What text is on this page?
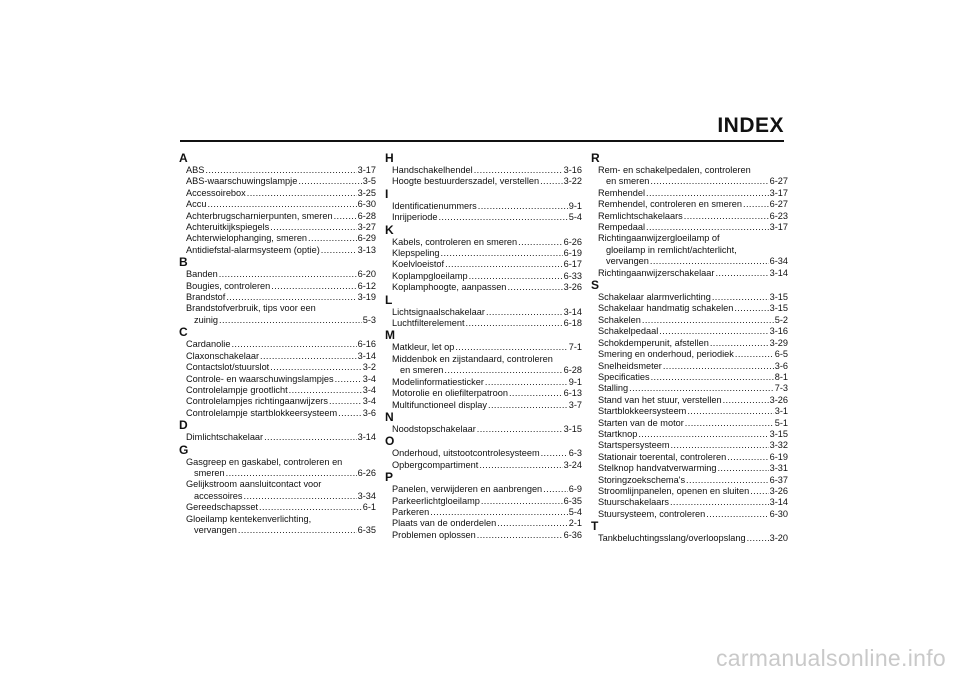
INDEX
A
ABS .....	3-17
ABS-waarschuwingslampje .....	3-5
Accessoirebox .....	3-25
Accu .....	6-30
Achterbrugscharnierpunten, smeren .....	6-28
Achteruitkijkspiegels .....	3-27
Achterwielophanging, smeren .....	6-29
Antidiefstal-alarmsysteem (optie) .....	3-13
B
Banden .....	6-20
Bougies, controleren .....	6-12
Brandstof .....	3-19
Brandstofverbruik, tips voor een
zuinig .....	5-3
C
Cardanolie .....	6-16
Claxonschakelaar .....	3-14
Contactslot/stuurslot .....	3-2
Controle- en waarschuwingslampjes .....	3-4
Controlelampje grootlicht .....	3-4
Controlelampjes richtingaanwijzers .....	3-4
Controlelampje startblokkeersysteem .....	3-6
D
Dimlichtschakelaar .....	3-14
G
Gasgreep en gaskabel, controleren en
smeren .....	6-26
Gelijkstroom aansluitcontact voor
accessoires .....	3-34
Gereedschapsset .....	6-1
Gloeilamp kentekenverlichting,
vervangen .....	6-35
H
Handschakelhendel .....	3-16
Hoogte bestuurderszadel, verstellen .....	3-22
I
Identificatienummers .....	9-1
Inrijperiode .....	5-4
K
Kabels, controleren en smeren .....	6-26
Klepspeling .....	6-19
Koelvloeistof .....	6-17
Koplampgloeilamp .....	6-33
Koplamphoogte, aanpassen .....	3-26
L
Lichtsignaalschakelaar .....	3-14
Luchtfilterelement .....	6-18
M
Matkleur, let op .....	7-1
Middenbok en zijstandaard, controleren
en smeren .....	6-28
Modelinformatiesticker .....	9-1
Motorolie en oliefilterpatroon .....	6-13
Multifunctioneel display .....	3-7
N
Noodstopschakelaar .....	3-15
O
Onderhoud, uitstootcontrolesysteem .....	6-3
Opbergcompartiment .....	3-24
P
Panelen, verwijderen en aanbrengen .....	6-9
Parkeerlichtgloeilamp .....	6-35
Parkeren .....	5-4
Plaats van de onderdelen .....	2-1
Problemen oplossen .....	6-36
R
Rem- en schakelpedalen, controleren
en smeren .....	6-27
Remhendel .....	3-17
Remhendel, controleren en smeren .....	6-27
Remlichtschakelaars .....	6-23
Rempedaal .....	3-17
Richtingaanwijzergloeilamp of
gloeilamp in remlicht/achterlicht,
vervangen .....	6-34
Richtingaanwijzerschakelaar .....	3-14
S
Schakelaar alarmverlichting .....	3-15
Schakelaar handmatig schakelen .....	3-15
Schakelen .....	5-2
Schakelpedaal .....	3-16
Schokdemperunit, afstellen .....	3-29
Smering en onderhoud, periodiek .....	6-5
Snelheidsmeter .....	3-6
Specificaties .....	8-1
Stalling .....	7-3
Stand van het stuur, verstellen .....	3-26
Startblokkeersysteem .....	3-1
Starten van de motor .....	5-1
Startknop .....	3-15
Startspersysteem .....	3-32
Stationair toerental, controleren .....	6-19
Stelknop handvatverwarming .....	3-31
Storingzoekschema's .....	6-37
Stroomlijnpanelen, openen en sluiten ..... 3-26
Stuurschakelaars .....	3-14
Stuursysteem, controleren .....	6-30
T
Tankbeluchtingsslang/overloopslang .....	3-20
carmanualsonline.info
